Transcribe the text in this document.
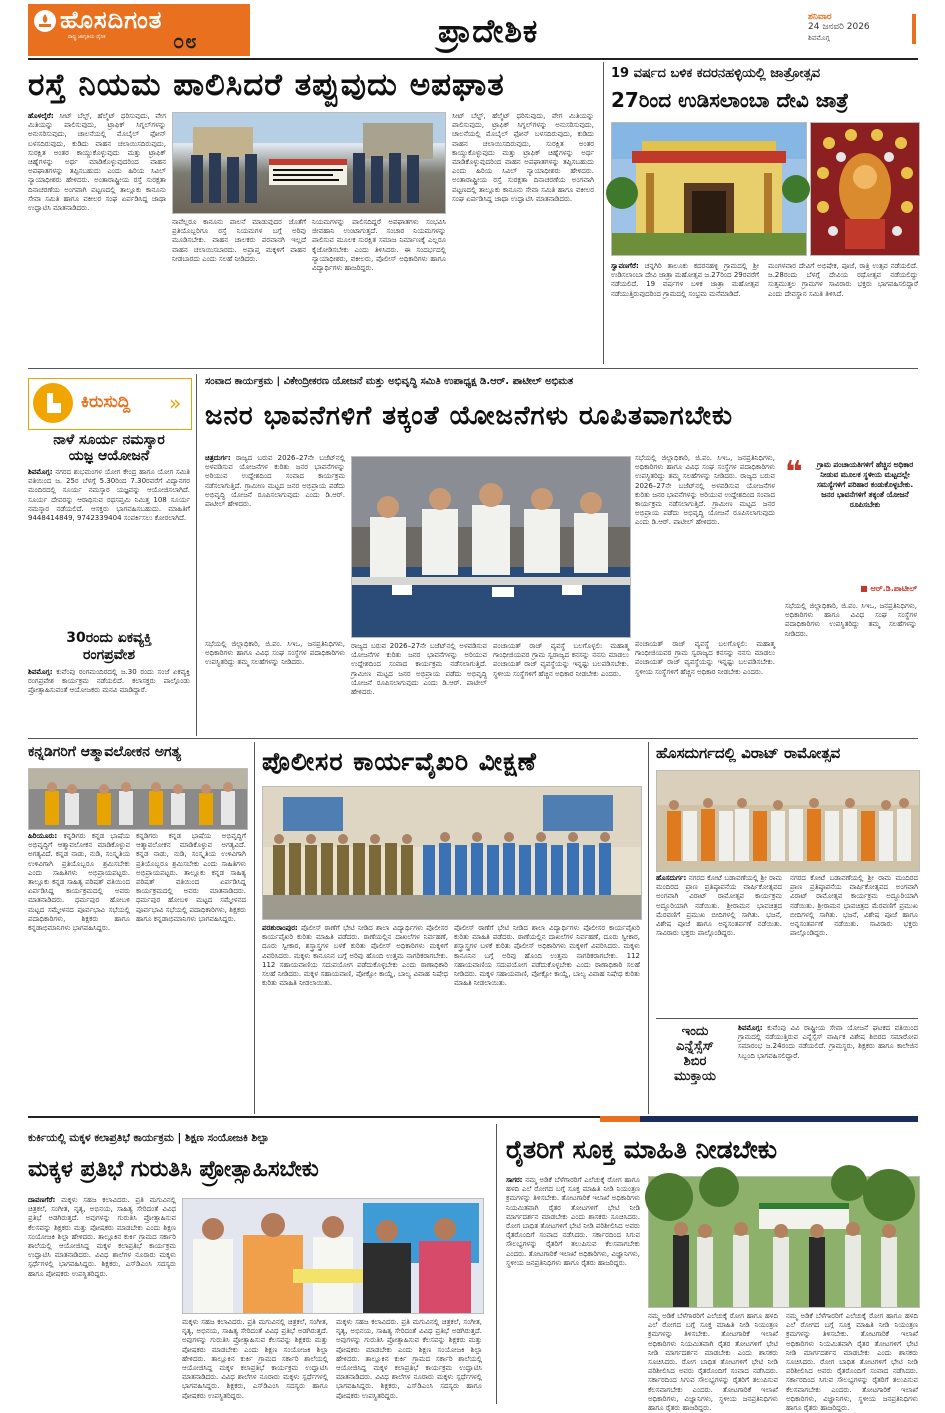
ಹೊಸದಿಗಂತ
ರಾಷ್ಟ್ರ ಜಾಗೃತಿಯ ದೈನಿಕ	೦೮	ಪ್ರಾದೇಶಿಕ	ಶನಿವಾರ
24 ಜನವರಿ 2026
ಶಿವಮೊಗ್ಗ
ರಸ್ತೆ ನಿಯಮ ಪಾಲಿಸಿದರೆ ತಪ್ಪುವುದು ಅಪಘಾತ
ಹೊಳಲ್ಕೆರೆ: ಸೀಟ್ ಬೆಲ್ಟ್, ಹೆಲ್ಮೆಟ್ ಧರಿಸುವುದು, ವೇಗ ಮಿತಿಯನ್ನು ಪಾಲಿಸುವುದು, ಟ್ರಾಫಿಕ್ ಸಿಗ್ನಲ್‌ಗಳನ್ನು ಅನುಸರಿಸುವುದು, ಚಾಲನೆಯಲ್ಲಿ ಮೊಬೈಲ್ ಫೋನ್ ಬಳಸದಿರುವುದು, ಕುಡಿದು ವಾಹನ ಚಲಾಯಿಸದಿರುವುದು, ಸುರಕ್ಷಿತ ಅಂತರ ಕಾಯ್ದುಕೊಳ್ಳುವುದು ಮತ್ತು ಟ್ರಾಫಿಕ್ ಚಿಹ್ನೆಗಳನ್ನು ಅರ್ಥ ಮಾಡಿಕೊಳ್ಳುವುದರಿಂದ ವಾಹನ ಅಪಘಾತಗಳನ್ನು ತಪ್ಪಿಸಬಹುದು ಎಂದು ಹಿರಿಯ ಸಿವಿಲ್ ನ್ಯಾಯಾಧೀಶರು ಹೇಳಿದರು. ಅಂತಾರಾಷ್ಟ್ರೀಯ ರಸ್ತೆ ಸುರಕ್ಷತಾ ದಿನಾಚರಣೆಯ ಅಂಗವಾಗಿ ಪಟ್ಟಣದಲ್ಲಿ ತಾಲ್ಲೂಕು ಕಾನೂನು ಸೇವಾ ಸಮಿತಿ ಹಾಗೂ ವಕೀಲರ ಸಂಘ ಏರ್ಪಡಿಸಿದ್ದ ಜಾಥಾ ಉದ್ಘಾಟಿಸಿ ಮಾತನಾಡಿದರು.
ನಾವೆಲ್ಲರೂ ಕಾನೂನು ಪಾಲನೆ ಮಾಡುವುದರ ಜೊತೆಗೆ ಪ್ರತಿಯೊಬ್ಬರಿಗೂ ರಸ್ತೆ ನಿಯಮಗಳ ಬಗ್ಗೆ ಅರಿವು ಮೂಡಿಸಬೇಕು. ವಾಹನ ಚಾಲಕರು ಪರವಾನಗಿ ಇಲ್ಲದೆ ವಾಹನ ಚಲಾಯಿಸಬಾರದು. ಅಪ್ರಾಪ್ತ ಮಕ್ಕಳಿಗೆ ವಾಹನ ನೀಡಬಾರದು ಎಂದು ಸಲಹೆ ನೀಡಿದರು.
ನಿಯಮಗಳನ್ನು ಪಾಲಿಸದಿದ್ದರೆ ಅಪಘಾತಗಳು ಸಂಭವಿಸಿ ಜೀವಹಾನಿ ಉಂಟಾಗುತ್ತದೆ. ಸಂಚಾರ ನಿಯಮಗಳನ್ನು ಪಾಲಿಸುವ ಮೂಲಕ ಸುರಕ್ಷಿತ ಸಮಾಜ ನಿರ್ಮಾಣಕ್ಕೆ ಎಲ್ಲರೂ ಕೈಜೋಡಿಸಬೇಕು ಎಂದು ತಿಳಿಸಿದರು. ಈ ಸಂದರ್ಭದಲ್ಲಿ ನ್ಯಾಯಾಧೀಶರು, ವಕೀಲರು, ಪೊಲೀಸ್ ಅಧಿಕಾರಿಗಳು ಹಾಗೂ ವಿದ್ಯಾರ್ಥಿಗಳು ಹಾಜರಿದ್ದರು.
ಸೀಟ್ ಬೆಲ್ಟ್, ಹೆಲ್ಮೆಟ್ ಧರಿಸುವುದು, ವೇಗ ಮಿತಿಯನ್ನು ಪಾಲಿಸುವುದು, ಟ್ರಾಫಿಕ್ ಸಿಗ್ನಲ್‌ಗಳನ್ನು ಅನುಸರಿಸುವುದು, ಚಾಲನೆಯಲ್ಲಿ ಮೊಬೈಲ್ ಫೋನ್ ಬಳಸದಿರುವುದು, ಕುಡಿದು ವಾಹನ ಚಲಾಯಿಸದಿರುವುದು, ಸುರಕ್ಷಿತ ಅಂತರ ಕಾಯ್ದುಕೊಳ್ಳುವುದು ಮತ್ತು ಟ್ರಾಫಿಕ್ ಚಿಹ್ನೆಗಳನ್ನು ಅರ್ಥ ಮಾಡಿಕೊಳ್ಳುವುದರಿಂದ ವಾಹನ ಅಪಘಾತಗಳನ್ನು ತಪ್ಪಿಸಬಹುದು ಎಂದು ಹಿರಿಯ ಸಿವಿಲ್ ನ್ಯಾಯಾಧೀಶರು ಹೇಳಿದರು. ಅಂತಾರಾಷ್ಟ್ರೀಯ ರಸ್ತೆ ಸುರಕ್ಷತಾ ದಿನಾಚರಣೆಯ ಅಂಗವಾಗಿ ಪಟ್ಟಣದಲ್ಲಿ ತಾಲ್ಲೂಕು ಕಾನೂನು ಸೇವಾ ಸಮಿತಿ ಹಾಗೂ ವಕೀಲರ ಸಂಘ ಏರ್ಪಡಿಸಿದ್ದ ಜಾಥಾ ಉದ್ಘಾಟಿಸಿ ಮಾತನಾಡಿದರು.
19 ವರ್ಷದ ಬಳಿಕ ಕದರನಹಳ್ಳಿಯಲ್ಲಿ ಜಾತ್ರೋತ್ಸವ
27ರಿಂದ ಉಡಿಸಲಾಂಬಾ ದೇವಿ ಜಾತ್ರೆ
ಸ್ವಾವಣಗೆರೆ: ಚನ್ನಗಿರಿ ತಾಲೂಕು ಕದರನಹಳ್ಳಿ ಗ್ರಾಮದಲ್ಲಿ ಶ್ರೀ ಉಡಿಸಲಾಂಬಾ ದೇವಿ ಜಾತ್ರಾ ಮಹೋತ್ಸವ ಜ.27ರಿಂದ 29ರವರೆಗೆ ನಡೆಯಲಿದೆ. 19 ವರ್ಷಗಳ ಬಳಿಕ ಜಾತ್ರಾ ಮಹೋತ್ಸವ ನಡೆಯುತ್ತಿರುವುದರಿಂದ ಗ್ರಾಮದಲ್ಲಿ ಸಂಭ್ರಮ ಮನೆಮಾಡಿದೆ.
ಮಂಗಳವಾರ ದೇವಿಗೆ ಅಭಿಷೇಕ, ಪೂಜೆ, ರಾತ್ರಿ ಉತ್ಸವ ನಡೆಯಲಿದೆ. ಜ.28ರಂದು ಬೆಳಗ್ಗೆ ದೇವಿಯ ರಥೋತ್ಸವ ನಡೆಯಲಿದ್ದು ಸುತ್ತಮುತ್ತಲ ಗ್ರಾಮಗಳ ಸಾವಿರಾರು ಭಕ್ತರು ಭಾಗವಹಿಸಲಿದ್ದಾರೆ ಎಂದು ದೇವಸ್ಥಾನ ಸಮಿತಿ ತಿಳಿಸಿದೆ.
ಕಿರುಸುದ್ದಿ »
ನಾಳೆ ಸೂರ್ಯ ನಮಸ್ಕಾರ
ಯಜ್ಞ ಆಯೋಜನೆ
ಶಿವಮೊಗ್ಗ: ನಗರದ ಶುಭಮಂಗಳ ಯೋಗ ಕೇಂದ್ರ ಹಾಗೂ ಯೋಗ ಸಮಿತಿ ವತಿಯಿಂದ ಜ. 25ರ ಬೆಳಗ್ಗೆ 5.30ರಿಂದ 7.30ರವರೆಗೆ ವಿದ್ಯಾನಗರ ಮಂದಿರದಲ್ಲಿ ಸೂರ್ಯ ನಮಸ್ಕಾರ ಯಜ್ಞವನ್ನು ಆಯೋಜಿಸಲಾಗಿದೆ. ಸೂರ್ಯ ದೇವರನ್ನು ಆರಾಧಿಸುವ ರಥಸಪ್ತಮಿ ನಿಮಿತ್ತ 108 ಸೂರ್ಯ ನಮಸ್ಕಾರ ನಡೆಯಲಿದೆ. ಆಸಕ್ತರು ಭಾಗವಹಿಸಬಹುದು. ಮಾಹಿತಿಗೆ 9448414849, 9742339404 ಸಂಪರ್ಕಿಸಲು ಕೋರಲಾಗಿದೆ.
30ರಂದು ಏಕವ್ಯಕ್ತಿ
ರಂಗಪ್ರವೇಶ
ಶಿವಮೊಗ್ಗ: ಕುವೆಂಪು ರಂಗಮಂದಿರದಲ್ಲಿ ಜ.30 ರಂದು ಸಂಜೆ ಏಕವ್ಯಕ್ತಿ ರಂಗಪ್ರವೇಶ ಕಾರ್ಯಕ್ರಮ ನಡೆಯಲಿದೆ. ಕಲಾಸಕ್ತರು ಪಾಲ್ಗೊಂಡು ಪ್ರೋತ್ಸಾಹಿಸುವಂತೆ ಆಯೋಜಕರು ಮನವಿ ಮಾಡಿದ್ದಾರೆ.
ಸಂವಾದ ಕಾರ್ಯಕ್ರಮ | ವಿಕೇಂದ್ರೀಕರಣ ಯೋಜನೆ ಮತ್ತು ಅಭಿವೃದ್ಧಿ ಸಮಿತಿ ಉಪಾಧ್ಯಕ್ಷ ಡಿ.ಆರ್. ಪಾಟೀಲ್ ಅಭಿಮತ
ಜನರ ಭಾವನೆಗಳಿಗೆ ತಕ್ಕಂತೆ ಯೋಜನೆಗಳು ರೂಪಿತವಾಗಬೇಕು
ಚಿತ್ರದುರ್ಗ: ರಾಜ್ಯದ ಬರುವ 2026–27ನೇ ಬಜೆಟ್‌ನಲ್ಲಿ ಅಳವಡಿಸುವ ಯೋಜನೆಗಳ ಕುರಿತು ಜನರ ಭಾವನೆಗಳನ್ನು ಅರಿಯುವ ಉದ್ದೇಶದಿಂದ ಸಂವಾದ ಕಾರ್ಯಕ್ರಮ ನಡೆಸಲಾಗುತ್ತಿದೆ. ಗ್ರಾಮೀಣ ಮಟ್ಟದ ಜನರ ಅಭಿಪ್ರಾಯ ಪಡೆದು ಅಭಿವೃದ್ಧಿ ಯೋಜನೆ ರೂಪಿಸಲಾಗುವುದು ಎಂದು ಡಿ.ಆರ್. ಪಾಟೀಲ್ ಹೇಳಿದರು.
ಸಭೆಯಲ್ಲಿ ಜಿಲ್ಲಾಧಿಕಾರಿ, ಜಿ.ಪಂ. ಸಿಇಒ, ಜನಪ್ರತಿನಿಧಿಗಳು, ಅಧಿಕಾರಿಗಳು ಹಾಗೂ ವಿವಿಧ ಸಂಘ ಸಂಸ್ಥೆಗಳ ಪದಾಧಿಕಾರಿಗಳು ಉಪಸ್ಥಿತರಿದ್ದು ತಮ್ಮ ಸಲಹೆಗಳನ್ನು ನೀಡಿದರು. ರಾಜ್ಯದ ಬರುವ 2026–27ನೇ ಬಜೆಟ್‌ನಲ್ಲಿ ಅಳವಡಿಸುವ ಯೋಜನೆಗಳ ಕುರಿತು ಜನರ ಭಾವನೆಗಳನ್ನು ಅರಿಯುವ ಉದ್ದೇಶದಿಂದ ಸಂವಾದ ಕಾರ್ಯಕ್ರಮ ನಡೆಸಲಾಗುತ್ತಿದೆ. ಗ್ರಾಮೀಣ ಮಟ್ಟದ ಜನರ ಅಭಿಪ್ರಾಯ ಪಡೆದು ಅಭಿವೃದ್ಧಿ ಯೋಜನೆ ರೂಪಿಸಲಾಗುವುದು ಎಂದು ಡಿ.ಆರ್. ಪಾಟೀಲ್ ಹೇಳಿದರು.
❝	ಗ್ರಾಮ ಪಂಚಾಯತಿಗಳಿಗೆ ಹೆಚ್ಚಿನ ಅಧಿಕಾರ ನೀಡುವ ಮೂಲಕ ಸ್ಥಳೀಯ ಮಟ್ಟದಲ್ಲೇ ಸಮಸ್ಯೆಗಳಿಗೆ ಪರಿಹಾರ ಕಂಡುಕೊಳ್ಳಬೇಕು. ಜನರ ಭಾವನೆಗಳಿಗೆ ತಕ್ಕಂತೆ ಯೋಜನೆ ರೂಪಿಸಬೇಕು
■ ಆರ್.ಡಿ.ಪಾಟೀಲ್
ಸಭೆಯಲ್ಲಿ ಜಿಲ್ಲಾಧಿಕಾರಿ, ಜಿ.ಪಂ. ಸಿಇಒ, ಜನಪ್ರತಿನಿಧಿಗಳು, ಅಧಿಕಾರಿಗಳು ಹಾಗೂ ವಿವಿಧ ಸಂಘ ಸಂಸ್ಥೆಗಳ ಪದಾಧಿಕಾರಿಗಳು ಉಪಸ್ಥಿತರಿದ್ದು ತಮ್ಮ ಸಲಹೆಗಳನ್ನು ನೀಡಿದರು.
ರಾಜ್ಯದ ಬರುವ 2026–27ನೇ ಬಜೆಟ್‌ನಲ್ಲಿ ಅಳವಡಿಸುವ ಯೋಜನೆಗಳ ಕುರಿತು ಜನರ ಭಾವನೆಗಳನ್ನು ಅರಿಯುವ ಉದ್ದೇಶದಿಂದ ಸಂವಾದ ಕಾರ್ಯಕ್ರಮ ನಡೆಸಲಾಗುತ್ತಿದೆ. ಗ್ರಾಮೀಣ ಮಟ್ಟದ ಜನರ ಅಭಿಪ್ರಾಯ ಪಡೆದು ಅಭಿವೃದ್ಧಿ ಯೋಜನೆ ರೂಪಿಸಲಾಗುವುದು ಎಂದು ಡಿ.ಆರ್. ಪಾಟೀಲ್ ಹೇಳಿದರು.
ಪಂಚಾಯತ್ ರಾಜ್ ವ್ಯವಸ್ಥೆ ಬಲಗೊಳ್ಳಲಿ: ಮಹಾತ್ಮ ಗಾಂಧೀಜಿಯವರ ಗ್ರಾಮ ಸ್ವರಾಜ್ಯದ ಕನಸನ್ನು ನನಸು ಮಾಡಲು ಪಂಚಾಯತ್ ರಾಜ್ ವ್ಯವಸ್ಥೆಯನ್ನು ಇನ್ನಷ್ಟು ಬಲಪಡಿಸಬೇಕು. ಸ್ಥಳೀಯ ಸಂಸ್ಥೆಗಳಿಗೆ ಹೆಚ್ಚಿನ ಅಧಿಕಾರ ನೀಡಬೇಕು ಎಂದರು.
ಪಂಚಾಯತ್ ರಾಜ್ ವ್ಯವಸ್ಥೆ ಬಲಗೊಳ್ಳಲಿ: ಮಹಾತ್ಮ ಗಾಂಧೀಜಿಯವರ ಗ್ರಾಮ ಸ್ವರಾಜ್ಯದ ಕನಸನ್ನು ನನಸು ಮಾಡಲು ಪಂಚಾಯತ್ ರಾಜ್ ವ್ಯವಸ್ಥೆಯನ್ನು ಇನ್ನಷ್ಟು ಬಲಪಡಿಸಬೇಕು. ಸ್ಥಳೀಯ ಸಂಸ್ಥೆಗಳಿಗೆ ಹೆಚ್ಚಿನ ಅಧಿಕಾರ ನೀಡಬೇಕು ಎಂದರು.
ಸಭೆಯಲ್ಲಿ ಜಿಲ್ಲಾಧಿಕಾರಿ, ಜಿ.ಪಂ. ಸಿಇಒ, ಜನಪ್ರತಿನಿಧಿಗಳು, ಅಧಿಕಾರಿಗಳು ಹಾಗೂ ವಿವಿಧ ಸಂಘ ಸಂಸ್ಥೆಗಳ ಪದಾಧಿಕಾರಿಗಳು ಉಪಸ್ಥಿತರಿದ್ದು ತಮ್ಮ ಸಲಹೆಗಳನ್ನು ನೀಡಿದರು.
ಕನ್ನಡಿಗರಿಗೆ ಆತ್ಮಾವಲೋಕನ ಅಗತ್ಯ
ಹಿರಿಯೂರು: ಕನ್ನಡಿಗರು ಕನ್ನಡ ಭಾಷೆಯ ಅಭಿವೃದ್ಧಿಗೆ ಆತ್ಮಾವಲೋಕನ ಮಾಡಿಕೊಳ್ಳುವ ಅಗತ್ಯವಿದೆ. ಕನ್ನಡ ನಾಡು, ನುಡಿ, ಸಂಸ್ಕೃತಿಯ ಉಳಿವಿಗಾಗಿ ಪ್ರತಿಯೊಬ್ಬರೂ ಶ್ರಮಿಸಬೇಕು ಎಂದು ಸಾಹಿತಿಗಳು ಅಭಿಪ್ರಾಯಪಟ್ಟರು. ತಾಲ್ಲೂಕು ಕನ್ನಡ ಸಾಹಿತ್ಯ ಪರಿಷತ್ ವತಿಯಿಂದ ಏರ್ಪಡಿಸಿದ್ದ ಕಾರ್ಯಕ್ರಮದಲ್ಲಿ ಅವರು ಮಾತನಾಡಿದರು. ಧರ್ಮಪುರ ಹೋಬಳಿ ಮಟ್ಟದ ಸಮ್ಮೇಳನದ ಪೂರ್ವಭಾವಿ ಸಭೆಯಲ್ಲಿ ಪದಾಧಿಕಾರಿಗಳು, ಶಿಕ್ಷಕರು ಹಾಗೂ ಕನ್ನಡಾಭಿಮಾನಿಗಳು ಭಾಗವಹಿಸಿದ್ದರು.
ಕನ್ನಡಿಗರು ಕನ್ನಡ ಭಾಷೆಯ ಅಭಿವೃದ್ಧಿಗೆ ಆತ್ಮಾವಲೋಕನ ಮಾಡಿಕೊಳ್ಳುವ ಅಗತ್ಯವಿದೆ. ಕನ್ನಡ ನಾಡು, ನುಡಿ, ಸಂಸ್ಕೃತಿಯ ಉಳಿವಿಗಾಗಿ ಪ್ರತಿಯೊಬ್ಬರೂ ಶ್ರಮಿಸಬೇಕು ಎಂದು ಸಾಹಿತಿಗಳು ಅಭಿಪ್ರಾಯಪಟ್ಟರು. ತಾಲ್ಲೂಕು ಕನ್ನಡ ಸಾಹಿತ್ಯ ಪರಿಷತ್ ವತಿಯಿಂದ ಏರ್ಪಡಿಸಿದ್ದ ಕಾರ್ಯಕ್ರಮದಲ್ಲಿ ಅವರು ಮಾತನಾಡಿದರು. ಧರ್ಮಪುರ ಹೋಬಳಿ ಮಟ್ಟದ ಸಮ್ಮೇಳನದ ಪೂರ್ವಭಾವಿ ಸಭೆಯಲ್ಲಿ ಪದಾಧಿಕಾರಿಗಳು, ಶಿಕ್ಷಕರು ಹಾಗೂ ಕನ್ನಡಾಭಿಮಾನಿಗಳು ಭಾಗವಹಿಸಿದ್ದರು.
ಪೊಲೀಸರ ಕಾರ್ಯವೈಖರಿ ವೀಕ್ಷಣೆ
ಪರಶುರಾಂಪುರ: ಪೊಲೀಸ್ ಠಾಣೆಗೆ ಭೇಟಿ ನೀಡಿದ ಶಾಲಾ ವಿದ್ಯಾರ್ಥಿಗಳು ಪೊಲೀಸರ ಕಾರ್ಯವೈಖರಿ ಕುರಿತು ಮಾಹಿತಿ ಪಡೆದರು. ಠಾಣೆಯಲ್ಲಿನ ದಾಖಲೆಗಳ ನಿರ್ವಹಣೆ, ದೂರು ಸ್ವೀಕಾರ, ಶಸ್ತ್ರಾಸ್ತ್ರಗಳ ಬಳಕೆ ಕುರಿತು ಪೊಲೀಸ್ ಅಧಿಕಾರಿಗಳು ಮಕ್ಕಳಿಗೆ ವಿವರಿಸಿದರು. ಮಕ್ಕಳು ಕಾನೂನಿನ ಬಗ್ಗೆ ಅರಿವು ಹೊಂದಿ ಉತ್ತಮ ನಾಗರಿಕರಾಗಬೇಕು. 112 ಸಹಾಯವಾಣಿಯ ಸದುಪಯೋಗ ಪಡೆದುಕೊಳ್ಳಬೇಕು ಎಂದು ಠಾಣಾಧಿಕಾರಿ ಸಲಹೆ ನೀಡಿದರು. ಮಕ್ಕಳ ಸಹಾಯವಾಣಿ, ಪೋಕ್ಸೋ ಕಾಯ್ದೆ, ಬಾಲ್ಯ ವಿವಾಹ ನಿಷೇಧ ಕುರಿತು ಮಾಹಿತಿ ನೀಡಲಾಯಿತು.
ಪೊಲೀಸ್ ಠಾಣೆಗೆ ಭೇಟಿ ನೀಡಿದ ಶಾಲಾ ವಿದ್ಯಾರ್ಥಿಗಳು ಪೊಲೀಸರ ಕಾರ್ಯವೈಖರಿ ಕುರಿತು ಮಾಹಿತಿ ಪಡೆದರು. ಠಾಣೆಯಲ್ಲಿನ ದಾಖಲೆಗಳ ನಿರ್ವಹಣೆ, ದೂರು ಸ್ವೀಕಾರ, ಶಸ್ತ್ರಾಸ್ತ್ರಗಳ ಬಳಕೆ ಕುರಿತು ಪೊಲೀಸ್ ಅಧಿಕಾರಿಗಳು ಮಕ್ಕಳಿಗೆ ವಿವರಿಸಿದರು. ಮಕ್ಕಳು ಕಾನೂನಿನ ಬಗ್ಗೆ ಅರಿವು ಹೊಂದಿ ಉತ್ತಮ ನಾಗರಿಕರಾಗಬೇಕು. 112 ಸಹಾಯವಾಣಿಯ ಸದುಪಯೋಗ ಪಡೆದುಕೊಳ್ಳಬೇಕು ಎಂದು ಠಾಣಾಧಿಕಾರಿ ಸಲಹೆ ನೀಡಿದರು. ಮಕ್ಕಳ ಸಹಾಯವಾಣಿ, ಪೋಕ್ಸೋ ಕಾಯ್ದೆ, ಬಾಲ್ಯ ವಿವಾಹ ನಿಷೇಧ ಕುರಿತು ಮಾಹಿತಿ ನೀಡಲಾಯಿತು.
ಹೊಸದುರ್ಗದಲ್ಲಿ ವಿರಾಟ್ ರಾಮೋತ್ಸವ
ಹೊಸದುರ್ಗ: ನಗರದ ಕೋಟೆ ಬಡಾವಣೆಯಲ್ಲಿ ಶ್ರೀ ರಾಮ ಮಂದಿರದ ಪ್ರಾಣ ಪ್ರತಿಷ್ಠಾಪನೆಯ ವಾರ್ಷಿಕೋತ್ಸವದ ಅಂಗವಾಗಿ ವಿರಾಟ್ ರಾಮೋತ್ಸವ ಕಾರ್ಯಕ್ರಮ ಅದ್ದೂರಿಯಾಗಿ ನಡೆಯಿತು. ಶ್ರೀರಾಮನ ಭಾವಚಿತ್ರದ ಮೆರವಣಿಗೆ ಪ್ರಮುಖ ಬೀದಿಗಳಲ್ಲಿ ಸಾಗಿತು. ಭಜನೆ, ವಿಶೇಷ ಪೂಜೆ ಹಾಗೂ ಅನ್ನಸಂತರ್ಪಣೆ ನಡೆಯಿತು. ಸಾವಿರಾರು ಭಕ್ತರು ಪಾಲ್ಗೊಂಡಿದ್ದರು.
ನಗರದ ಕೋಟೆ ಬಡಾವಣೆಯಲ್ಲಿ ಶ್ರೀ ರಾಮ ಮಂದಿರದ ಪ್ರಾಣ ಪ್ರತಿಷ್ಠಾಪನೆಯ ವಾರ್ಷಿಕೋತ್ಸವದ ಅಂಗವಾಗಿ ವಿರಾಟ್ ರಾಮೋತ್ಸವ ಕಾರ್ಯಕ್ರಮ ಅದ್ದೂರಿಯಾಗಿ ನಡೆಯಿತು. ಶ್ರೀರಾಮನ ಭಾವಚಿತ್ರದ ಮೆರವಣಿಗೆ ಪ್ರಮುಖ ಬೀದಿಗಳಲ್ಲಿ ಸಾಗಿತು. ಭಜನೆ, ವಿಶೇಷ ಪೂಜೆ ಹಾಗೂ ಅನ್ನಸಂತರ್ಪಣೆ ನಡೆಯಿತು. ಸಾವಿರಾರು ಭಕ್ತರು ಪಾಲ್ಗೊಂಡಿದ್ದರು.
ಇಂದು
ಎನ್ನೆಸ್ಸೆಸ್
ಶಿಬಿರ
ಮುಕ್ತಾಯ
ಶಿವಮೊಗ್ಗ: ಕುವೆಂಪು ವಿವಿ ರಾಷ್ಟ್ರೀಯ ಸೇವಾ ಯೋಜನೆ ಘಟಕದ ವತಿಯಿಂದ ಗ್ರಾಮದಲ್ಲಿ ನಡೆಯುತ್ತಿರುವ ಎನ್ನೆಸ್ಸೆಸ್ ವಾರ್ಷಿಕ ವಿಶೇಷ ಶಿಬಿರದ ಸಮಾರೋಪ ಸಮಾರಂಭ ಜ.24ರಂದು ನಡೆಯಲಿದೆ. ಗ್ರಾಮಸ್ಥರು, ಶಿಕ್ಷಕರು ಹಾಗೂ ಕಾಲೇಜಿನ ಸಿಬ್ಬಂದಿ ಭಾಗವಹಿಸಲಿದ್ದಾರೆ.
ಕುರ್ಕಿಯಲ್ಲಿ ಮಕ್ಕಳ ಕಲಾಪ್ರತಿಭೆ ಕಾರ್ಯಕ್ರಮ | ಶಿಕ್ಷಣ ಸಂಯೋಜಕಿ ಶಿಲ್ಪಾ
ಮಕ್ಕಳ ಪ್ರತಿಭೆ ಗುರುತಿಸಿ ಪ್ರೋತ್ಸಾಹಿಸಬೇಕು
ದಾವಣಗೆರೆ: ಮಕ್ಕಳು ಸಹಜ ಕಲಾವಿದರು. ಪ್ರತಿ ಮಗುವಿನಲ್ಲಿ ಚಿತ್ರಕಲೆ, ಸಂಗೀತ, ನೃತ್ಯ, ಅಭಿನಯ, ಸಾಹಿತ್ಯ ಸೇರಿದಂತೆ ವಿವಿಧ ಪ್ರತಿಭೆ ಅಡಗಿರುತ್ತದೆ. ಅವುಗಳನ್ನು ಗುರುತಿಸಿ ಪ್ರೋತ್ಸಾಹಿಸುವ ಕೆಲಸವನ್ನು ಶಿಕ್ಷಕರು ಮತ್ತು ಪೋಷಕರು ಮಾಡಬೇಕು ಎಂದು ಶಿಕ್ಷಣ ಸಂಯೋಜಕಿ ಶಿಲ್ಪಾ ಹೇಳಿದರು. ತಾಲ್ಲೂಕಿನ ಕುರ್ಕಿ ಗ್ರಾಮದ ಸರ್ಕಾರಿ ಶಾಲೆಯಲ್ಲಿ ಆಯೋಜಿಸಿದ್ದ ಮಕ್ಕಳ ಕಲಾಪ್ರತಿಭೆ ಕಾರ್ಯಕ್ರಮ ಉದ್ಘಾಟಿಸಿ ಮಾತನಾಡಿದರು. ವಿವಿಧ ಶಾಲೆಗಳ ನೂರಾರು ಮಕ್ಕಳು ಸ್ಪರ್ಧೆಗಳಲ್ಲಿ ಭಾಗವಹಿಸಿದ್ದರು. ಶಿಕ್ಷಕರು, ಎಸ್‌ಡಿಎಂಸಿ ಸದಸ್ಯರು ಹಾಗೂ ಪೋಷಕರು ಉಪಸ್ಥಿತರಿದ್ದರು.
ಮಕ್ಕಳು ಸಹಜ ಕಲಾವಿದರು. ಪ್ರತಿ ಮಗುವಿನಲ್ಲಿ ಚಿತ್ರಕಲೆ, ಸಂಗೀತ, ನೃತ್ಯ, ಅಭಿನಯ, ಸಾಹಿತ್ಯ ಸೇರಿದಂತೆ ವಿವಿಧ ಪ್ರತಿಭೆ ಅಡಗಿರುತ್ತದೆ. ಅವುಗಳನ್ನು ಗುರುತಿಸಿ ಪ್ರೋತ್ಸಾಹಿಸುವ ಕೆಲಸವನ್ನು ಶಿಕ್ಷಕರು ಮತ್ತು ಪೋಷಕರು ಮಾಡಬೇಕು ಎಂದು ಶಿಕ್ಷಣ ಸಂಯೋಜಕಿ ಶಿಲ್ಪಾ ಹೇಳಿದರು. ತಾಲ್ಲೂಕಿನ ಕುರ್ಕಿ ಗ್ರಾಮದ ಸರ್ಕಾರಿ ಶಾಲೆಯಲ್ಲಿ ಆಯೋಜಿಸಿದ್ದ ಮಕ್ಕಳ ಕಲಾಪ್ರತಿಭೆ ಕಾರ್ಯಕ್ರಮ ಉದ್ಘಾಟಿಸಿ ಮಾತನಾಡಿದರು. ವಿವಿಧ ಶಾಲೆಗಳ ನೂರಾರು ಮಕ್ಕಳು ಸ್ಪರ್ಧೆಗಳಲ್ಲಿ ಭಾಗವಹಿಸಿದ್ದರು. ಶಿಕ್ಷಕರು, ಎಸ್‌ಡಿಎಂಸಿ ಸದಸ್ಯರು ಹಾಗೂ ಪೋಷಕರು ಉಪಸ್ಥಿತರಿದ್ದರು.
ಮಕ್ಕಳು ಸಹಜ ಕಲಾವಿದರು. ಪ್ರತಿ ಮಗುವಿನಲ್ಲಿ ಚಿತ್ರಕಲೆ, ಸಂಗೀತ, ನೃತ್ಯ, ಅಭಿನಯ, ಸಾಹಿತ್ಯ ಸೇರಿದಂತೆ ವಿವಿಧ ಪ್ರತಿಭೆ ಅಡಗಿರುತ್ತದೆ. ಅವುಗಳನ್ನು ಗುರುತಿಸಿ ಪ್ರೋತ್ಸಾಹಿಸುವ ಕೆಲಸವನ್ನು ಶಿಕ್ಷಕರು ಮತ್ತು ಪೋಷಕರು ಮಾಡಬೇಕು ಎಂದು ಶಿಕ್ಷಣ ಸಂಯೋಜಕಿ ಶಿಲ್ಪಾ ಹೇಳಿದರು. ತಾಲ್ಲೂಕಿನ ಕುರ್ಕಿ ಗ್ರಾಮದ ಸರ್ಕಾರಿ ಶಾಲೆಯಲ್ಲಿ ಆಯೋಜಿಸಿದ್ದ ಮಕ್ಕಳ ಕಲಾಪ್ರತಿಭೆ ಕಾರ್ಯಕ್ರಮ ಉದ್ಘಾಟಿಸಿ ಮಾತನಾಡಿದರು. ವಿವಿಧ ಶಾಲೆಗಳ ನೂರಾರು ಮಕ್ಕಳು ಸ್ಪರ್ಧೆಗಳಲ್ಲಿ ಭಾಗವಹಿಸಿದ್ದರು. ಶಿಕ್ಷಕರು, ಎಸ್‌ಡಿಎಂಸಿ ಸದಸ್ಯರು ಹಾಗೂ ಪೋಷಕರು ಉಪಸ್ಥಿತರಿದ್ದರು.
ರೈತರಿಗೆ ಸೂಕ್ತ ಮಾಹಿತಿ ನೀಡಬೇಕು
ಸಾಗರ: ನಮ್ಮ ಅಡಿಕೆ ಬೆಳೆಗಾರರಿಗೆ ಎಲೆಚುಕ್ಕೆ ರೋಗ ಹಾಗೂ ಹಳದಿ ಎಲೆ ರೋಗದ ಬಗ್ಗೆ ಸೂಕ್ತ ಮಾಹಿತಿ ನೀಡಿ ನಿಯಂತ್ರಣ ಕ್ರಮಗಳನ್ನು ತಿಳಿಸಬೇಕು. ತೋಟಗಾರಿಕೆ ಇಲಾಖೆ ಅಧಿಕಾರಿಗಳು ನಿಯಮಿತವಾಗಿ ರೈತರ ತೋಟಗಳಿಗೆ ಭೇಟಿ ನೀಡಿ ಮಾರ್ಗದರ್ಶನ ಮಾಡಬೇಕು ಎಂದು ಶಾಸಕರು ಸೂಚಿಸಿದರು. ರೋಗ ಬಾಧಿತ ತೋಟಗಳಿಗೆ ಭೇಟಿ ನೀಡಿ ಪರಿಶೀಲಿಸಿದ ಅವರು ರೈತರೊಂದಿಗೆ ಸಂವಾದ ನಡೆಸಿದರು. ಸರ್ಕಾರದಿಂದ ಸಿಗುವ ಸೌಲಭ್ಯಗಳನ್ನು ರೈತರಿಗೆ ತಲುಪಿಸುವ ಕೆಲಸವಾಗಬೇಕು ಎಂದರು. ತೋಟಗಾರಿಕೆ ಇಲಾಖೆ ಅಧಿಕಾರಿಗಳು, ವಿಜ್ಞಾನಿಗಳು, ಸ್ಥಳೀಯ ಜನಪ್ರತಿನಿಧಿಗಳು ಹಾಗೂ ರೈತರು ಹಾಜರಿದ್ದರು.
ನಮ್ಮ ಅಡಿಕೆ ಬೆಳೆಗಾರರಿಗೆ ಎಲೆಚುಕ್ಕೆ ರೋಗ ಹಾಗೂ ಹಳದಿ ಎಲೆ ರೋಗದ ಬಗ್ಗೆ ಸೂಕ್ತ ಮಾಹಿತಿ ನೀಡಿ ನಿಯಂತ್ರಣ ಕ್ರಮಗಳನ್ನು ತಿಳಿಸಬೇಕು. ತೋಟಗಾರಿಕೆ ಇಲಾಖೆ ಅಧಿಕಾರಿಗಳು ನಿಯಮಿತವಾಗಿ ರೈತರ ತೋಟಗಳಿಗೆ ಭೇಟಿ ನೀಡಿ ಮಾರ್ಗದರ್ಶನ ಮಾಡಬೇಕು ಎಂದು ಶಾಸಕರು ಸೂಚಿಸಿದರು. ರೋಗ ಬಾಧಿತ ತೋಟಗಳಿಗೆ ಭೇಟಿ ನೀಡಿ ಪರಿಶೀಲಿಸಿದ ಅವರು ರೈತರೊಂದಿಗೆ ಸಂವಾದ ನಡೆಸಿದರು. ಸರ್ಕಾರದಿಂದ ಸಿಗುವ ಸೌಲಭ್ಯಗಳನ್ನು ರೈತರಿಗೆ ತಲುಪಿಸುವ ಕೆಲಸವಾಗಬೇಕು ಎಂದರು. ತೋಟಗಾರಿಕೆ ಇಲಾಖೆ ಅಧಿಕಾರಿಗಳು, ವಿಜ್ಞಾನಿಗಳು, ಸ್ಥಳೀಯ ಜನಪ್ರತಿನಿಧಿಗಳು ಹಾಗೂ ರೈತರು ಹಾಜರಿದ್ದರು.
ನಮ್ಮ ಅಡಿಕೆ ಬೆಳೆಗಾರರಿಗೆ ಎಲೆಚುಕ್ಕೆ ರೋಗ ಹಾಗೂ ಹಳದಿ ಎಲೆ ರೋಗದ ಬಗ್ಗೆ ಸೂಕ್ತ ಮಾಹಿತಿ ನೀಡಿ ನಿಯಂತ್ರಣ ಕ್ರಮಗಳನ್ನು ತಿಳಿಸಬೇಕು. ತೋಟಗಾರಿಕೆ ಇಲಾಖೆ ಅಧಿಕಾರಿಗಳು ನಿಯಮಿತವಾಗಿ ರೈತರ ತೋಟಗಳಿಗೆ ಭೇಟಿ ನೀಡಿ ಮಾರ್ಗದರ್ಶನ ಮಾಡಬೇಕು ಎಂದು ಶಾಸಕರು ಸೂಚಿಸಿದರು. ರೋಗ ಬಾಧಿತ ತೋಟಗಳಿಗೆ ಭೇಟಿ ನೀಡಿ ಪರಿಶೀಲಿಸಿದ ಅವರು ರೈತರೊಂದಿಗೆ ಸಂವಾದ ನಡೆಸಿದರು. ಸರ್ಕಾರದಿಂದ ಸಿಗುವ ಸೌಲಭ್ಯಗಳನ್ನು ರೈತರಿಗೆ ತಲುಪಿಸುವ ಕೆಲಸವಾಗಬೇಕು ಎಂದರು. ತೋಟಗಾರಿಕೆ ಇಲಾಖೆ ಅಧಿಕಾರಿಗಳು, ವಿಜ್ಞಾನಿಗಳು, ಸ್ಥಳೀಯ ಜನಪ್ರತಿನಿಧಿಗಳು ಹಾಗೂ ರೈತರು ಹಾಜರಿದ್ದರು.
